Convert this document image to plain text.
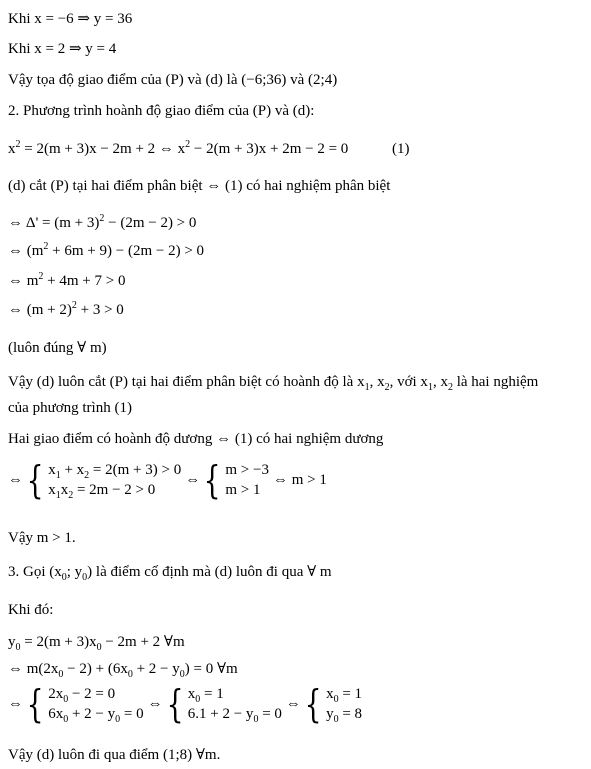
Khi x = −6 ⇒ y = 36
Khi x = 2 ⇒ y = 4
Vậy tọa độ giao điểm của (P) và (d) là (−6;36) và (2;4)
2. Phương trình hoành độ giao điểm của (P) và (d):
$x^2 = 2(m + 3)x - 2m + 2$ ⇔ $x^2 - 2(m + 3)x + 2m - 2 = 0$	(1)
(d) cắt (P) tại hai điểm phân biệt ⇔ (1) có hai nghiệm phân biệt
⇔ $\Delta' = (m + 3)^2 - (2m - 2) > 0$
⇔ $(m^2 + 6m + 9) - (2m - 2) > 0$
⇔ $m^2 + 4m + 7 > 0$
⇔ $(m + 2)^2 + 3 > 0$
(luôn đúng ∀ m)
Vậy (d) luôn cắt (P) tại hai điểm phân biệt có hoành độ là $x_1$, $x_2$, với $x_1$, $x_2$ là hai nghiệm
của phương trình (1)
Hai giao điểm có hoành độ dương ⇔ (1) có hai nghiệm dương
⇔ { $x_1 + x_2 = 2(m + 3) > 0$
$x_1x_2 = 2m - 2 > 0$
⇔ { m > −3
m > 1
⇔ m > 1
Vậy m > 1.
3. Gọi ($x_0$; $y_0$) là điểm cố định mà (d) luôn đi qua ∀ m
Khi đó:
$y_0 = 2(m + 3)x_0 - 2m + 2$ ∀m
⇔ $m(2x_0 - 2) + (6x_0 + 2 - y_0) = 0$ ∀m
⇔ { $2x_0 - 2 = 0$
$6x_0 + 2 - y_0 = 0$
⇔ { $x_0 = 1$
$6.1 + 2 - y_0 = 0$
⇔ { $x_0 = 1$
$y_0 = 8$
Vậy (d) luôn đi qua điểm (1;8) ∀m.
